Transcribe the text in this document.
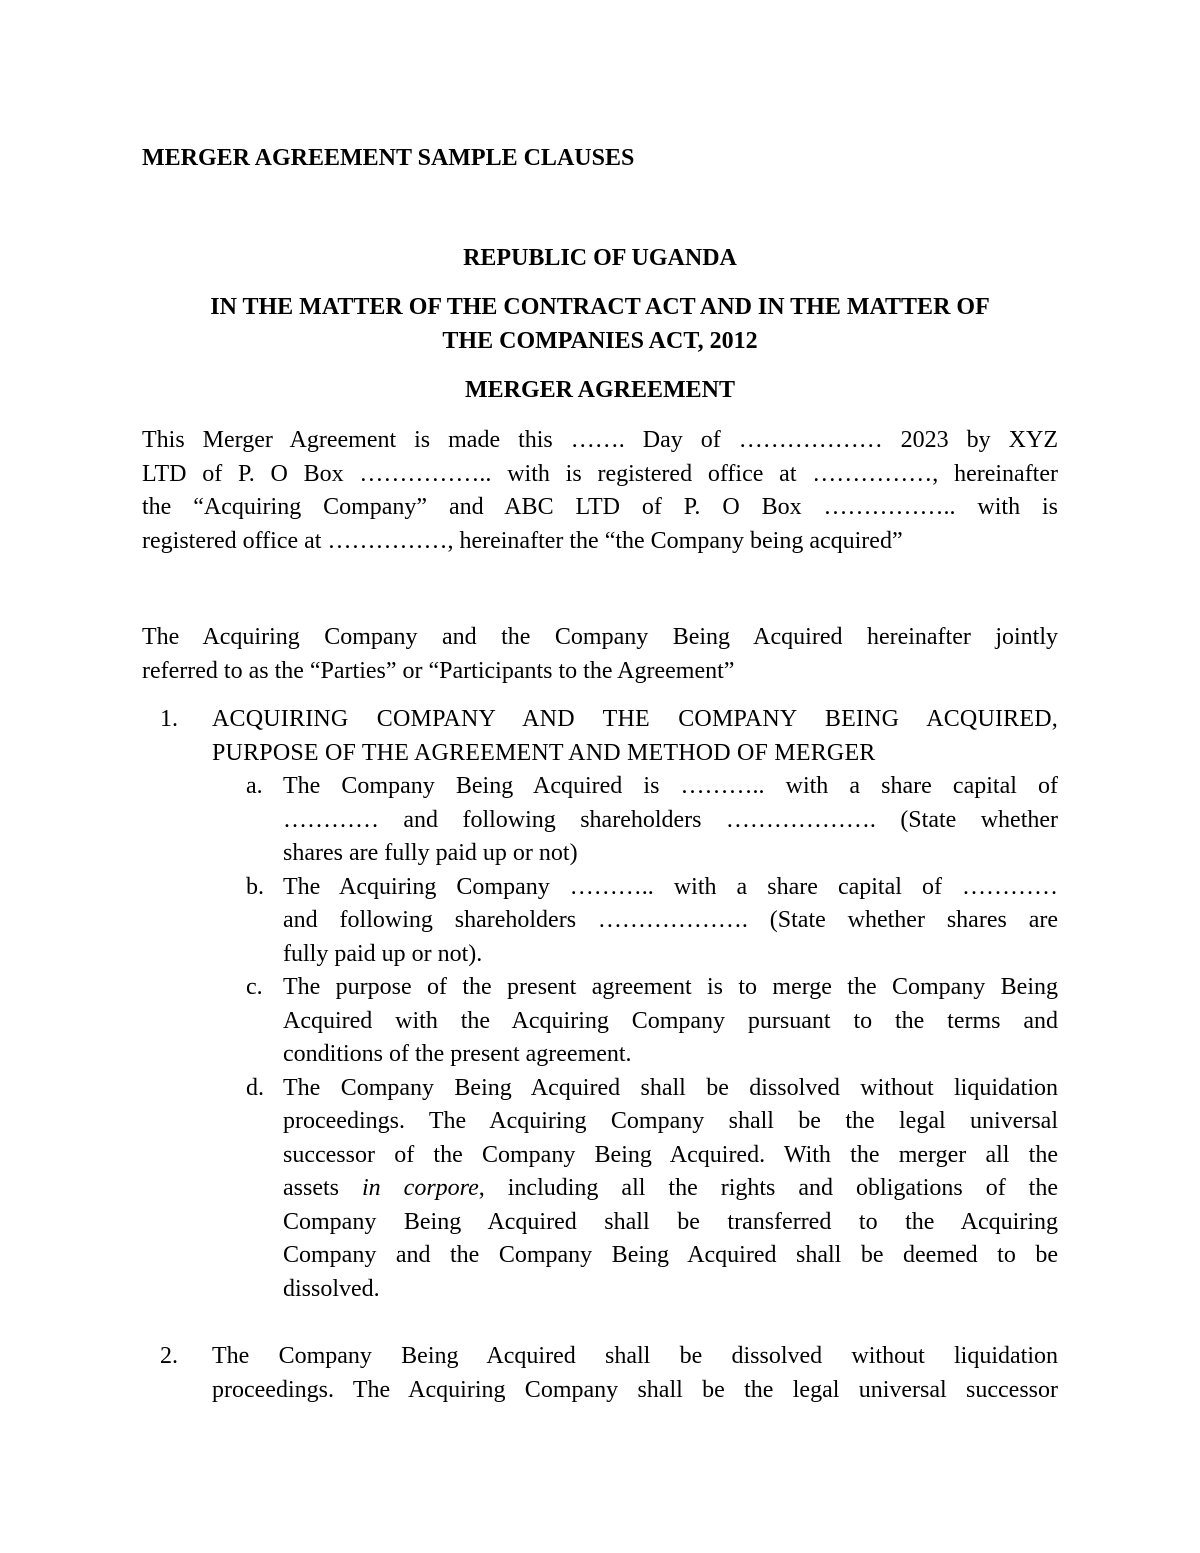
MERGER AGREEMENT SAMPLE CLAUSES

REPUBLIC OF UGANDA

IN THE MATTER OF THE CONTRACT ACT AND IN THE MATTER OF
THE COMPANIES ACT, 2012

MERGER AGREEMENT

This Merger Agreement is made this ……. Day of ……………… 2023 by XYZ
LTD of P. O Box …………….. with is registered office at ……………, hereinafter
the “Acquiring Company” and ABC LTD of P. O Box …………….. with is
registered office at ……………, hereinafter the “the Company being acquired”
The Acquiring Company and the Company Being Acquired hereinafter jointly
referred to as the “Parties” or “Participants to the Agreement”
1. ACQUIRING COMPANY AND THE COMPANY BEING ACQUIRED,
PURPOSE OF THE AGREEMENT AND METHOD OF MERGER
a. The Company Being Acquired is ……….. with a share capital of
………… and following shareholders ………………. (State whether
shares are fully paid up or not)
b. The Acquiring Company ……….. with a share capital of …………
and following shareholders ………………. (State whether shares are
fully paid up or not).
c. The purpose of the present agreement is to merge the Company Being
Acquired with the Acquiring Company pursuant to the terms and
conditions of the present agreement.
d. The Company Being Acquired shall be dissolved without liquidation
proceedings. The Acquiring Company shall be the legal universal
successor of the Company Being Acquired. With the merger all the
assets in corpore, including all the rights and obligations of the
Company Being Acquired shall be transferred to the Acquiring
Company and the Company Being Acquired shall be deemed to be
dissolved.
2. The Company Being Acquired shall be dissolved without liquidation
proceedings. The Acquiring Company shall be the legal universal successor
